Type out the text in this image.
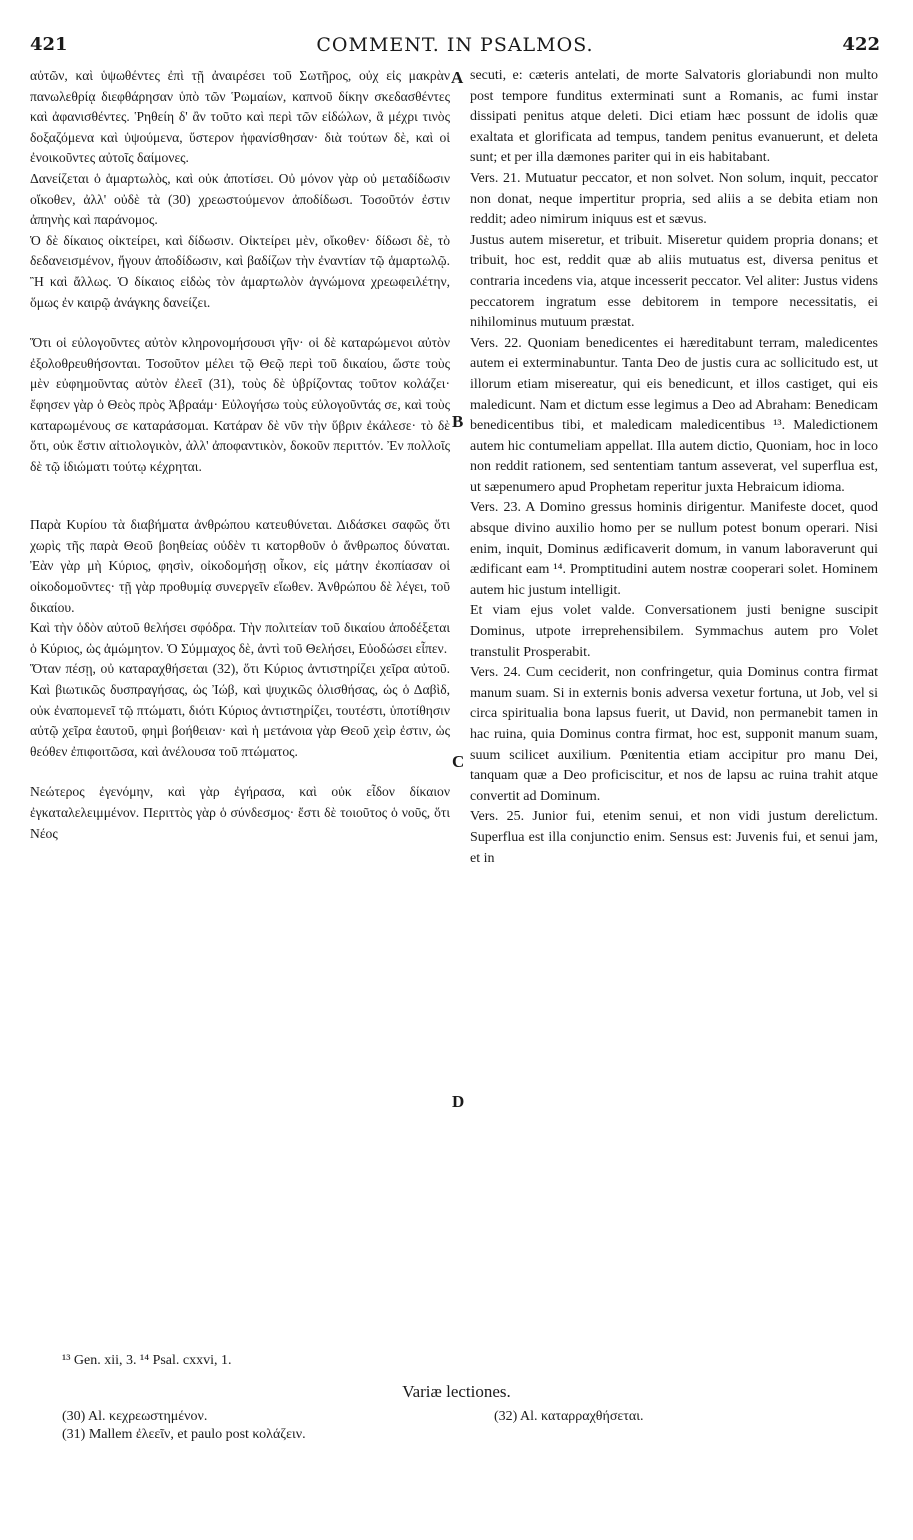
421	COMMENT. IN PSALMOS.	422

αὐτῶν, καὶ ὑψωθέντες ἐπὶ τῇ ἀναιρέσει τοῦ Σωτῆρος, οὐχ εἰς μακρὰν πανωλεθρίᾳ διεφθάρησαν ὑπὸ τῶν Ῥωμαίων, καπνοῦ δίκην σκεδασθέντες καὶ ἀφανισθέντες. Ῥηθείη δ' ἂν τοῦτο καὶ περὶ τῶν εἰδώλων, ἃ μέχρι τινὸς δοξαζόμενα καὶ ὑψούμενα, ὕστερον ἠφανίσθησαν· διὰ τούτων δὲ, καὶ οἱ ἐνοικοῦντες αὐτοῖς δαίμονες.

Δανείζεται ὁ ἁμαρτωλὸς, καὶ οὐκ ἀποτίσει. Οὐ μόνον γὰρ οὐ μεταδίδωσιν οἴκοθεν, ἀλλ' οὐδὲ τὰ (30) χρεωστούμενον ἀποδίδωσι. Τοσοῦτόν ἐστιν ἀπηνὴς καὶ παράνομος.

Ὁ δὲ δίκαιος οἰκτείρει, καὶ δίδωσιν. Οἰκτείρει μὲν, οἴκοθεν· δίδωσι δὲ, τὸ δεδανεισμένον, ἤγουν ἀποδίδωσιν, καὶ βαδίζων τὴν ἐναντίαν τῷ ἁμαρτωλῷ. Ἢ καὶ ἄλλως. Ὁ δίκαιος εἰδὼς τὸν ἁμαρτωλὸν ἀγνώμονα χρεωφειλέτην, ὅμως ἐν καιρῷ ἀνάγκης δανείζει.

Ὅτι οἱ εὐλογοῦντες αὐτὸν κληρονομήσουσι γῆν· οἱ δὲ καταρώμενοι αὐτὸν ἐξολοθρευθήσονται. Τοσοῦτον μέλει τῷ Θεῷ περὶ τοῦ δικαίου, ὥστε τοὺς μὲν εὐφημοῦντας αὐτὸν ἐλεεῖ (31), τοὺς δὲ ὑβρίζοντας τοῦτον κολάζει· ἔφησεν γὰρ ὁ Θεὸς πρὸς Ἀβραάμ· Εὐλογήσω τοὺς εὐλογοῦντάς σε, καὶ τοὺς καταρωμένους σε καταράσομαι. Κατάραν δὲ νῦν τὴν ὕβριν ἐκάλεσε· τὸ δὲ ὅτι, οὐκ ἔστιν αἰτιολογικὸν, ἀλλ' ἀποφαντικὸν, δοκοῦν περιττόν. Ἐν πολλοῖς δὲ τῷ ἰδιώματι τούτῳ κέχρηται.

Παρὰ Κυρίου τὰ διαβήματα ἀνθρώπου κατευθύνεται. Διδάσκει σαφῶς ὅτι χωρὶς τῆς παρὰ Θεοῦ βοηθείας οὐδὲν τι κατορθοῦν ὁ ἄνθρωπος δύναται. Ἐὰν γὰρ μὴ Κύριος, φησὶν, οἰκοδομήσῃ οἶκον, εἰς μάτην ἐκοπίασαν οἱ οἰκοδομοῦντες· τῇ γὰρ προθυμίᾳ συνεργεῖν εἴωθεν. Ἀνθρώπου δὲ λέγει, τοῦ δικαίου.

Καὶ τὴν ὁδὸν αὐτοῦ θελήσει σφόδρα. Τὴν πολιτείαν τοῦ δικαίου ἀποδέξεται ὁ Κύριος, ὡς ἀμώμητον. Ὁ Σύμμαχος δὲ, ἀντὶ τοῦ Θελήσει, Εὐοδώσει εἶπεν.

Ὅταν πέσῃ, οὐ καταραχθήσεται (32), ὅτι Κύριος ἀντιστηρίζει χεῖρα αὐτοῦ. Καὶ βιωτικῶς δυσπραγήσας, ὡς Ἰώβ, καὶ ψυχικῶς ὀλισθήσας, ὡς ὁ Δαβὶδ, οὐκ ἐναπομενεῖ τῷ πτώματι, διότι Κύριος ἀντιστηρίζει, τουτέστι, ὑποτίθησιν αὐτῷ χεῖρα ἑαυτοῦ, φημὶ βοήθειαν· καὶ ἡ μετάνοια γὰρ Θεοῦ χεὶρ ἐστιν, ὡς θεόθεν ἐπιφοιτῶσα, καὶ ἀνέλουσα τοῦ πτώματος.

Νεώτερος ἐγενόμην, καὶ γὰρ ἐγήρασα, καὶ οὐκ εἶδον δίκαιον ἐγκαταλελειμμένον. Περιττὸς γὰρ ὁ σύνδεσμος· ἔστι δὲ τοιοῦτος ὁ νοῦς, ὅτι Νέος

secuti, e: cæteris antelati, de morte Salvatoris gloriabundi non multo post tempore funditus exterminati sunt a Romanis, ac fumi instar dissipati penitus atque deleti. Dici etiam hæc possunt de idolis quæ exaltata et glorificata ad tempus, tandem penitus evanuerunt, et deleta sunt; et per illa dæmones pariter qui in eis habitabant.

Vers. 21. Mutuatur peccator, et non solvet. Non solum, inquit, peccator non donat, neque impertitur propria, sed aliis a se debita etiam non reddit; adeo nimirum iniquus est et sævus.

Justus autem miseretur, et tribuit. Miseretur quidem propria donans; et tribuit, hoc est, reddit quæ ab aliis mutuatus est, diversa penitus et contraria incedens via, atque incesserit peccator. Vel aliter: Justus videns peccatorem ingratum esse debitorem in tempore necessitatis, ei nihilominus mutuum præstat.

Vers. 22. Quoniam benedicentes ei hæreditabunt terram, maledicentes autem ei exterminabuntur. Tanta Deo de justis cura ac sollicitudo est, ut illorum etiam misereatur, qui eis benedicunt, et illos castiget, qui eis maledicunt. Nam et dictum esse legimus a Deo ad Abraham: Benedicam benedicentibus tibi, et maledicam maledicentibus ¹³. Maledictionem autem hic contumeliam appellat. Illa autem dictio, Quoniam, hoc in loco non reddit rationem, sed sententiam tantum asseverat, vel superflua est, ut sæpenumero apud Prophetam reperitur juxta Hebraicum idioma.

Vers. 23. A Domino gressus hominis dirigentur. Manifeste docet, quod absque divino auxilio homo per se nullum potest bonum operari. Nisi enim, inquit, Dominus ædificaverit domum, in vanum laboraverunt qui ædificant eam ¹⁴. Promptitudini autem nostræ cooperari solet. Hominem autem hic justum intelligit.

Et viam ejus volet valde. Conversationem justi benigne suscipit Dominus, utpote irreprehensibilem. Symmachus autem pro Volet transtulit Prosperabit.

Vers. 24. Cum ceciderit, non confringetur, quia Dominus contra firmat manum suam. Si in externis bonis adversa vexetur fortuna, ut Job, vel si circa spiritualia bona lapsus fuerit, ut David, non permanebit tamen in hac ruina, quia Dominus contra firmat, hoc est, supponit manum suam, suum scilicet auxilium. Pœnitentia etiam accipitur pro manu Dei, tanquam quæ a Deo proficiscitur, et nos de lapsu ac ruina trahit atque convertit ad Dominum.

Vers. 25. Junior fui, etenim senui, et non vidi justum derelictum. Superflua est illa conjunctio enim. Sensus est: Juvenis fui, et senui jam, et in

A
B
C
D
¹³ Gen. xii, 3. ¹⁴ Psal. cxxvi, 1.
Variæ lectiones.
(30) Al. κεχρεωστημένον.
(31) Mallem ἐλεεῖν, et paulo post κολάζειν.
(32) Al. καταρραχθήσεται.
